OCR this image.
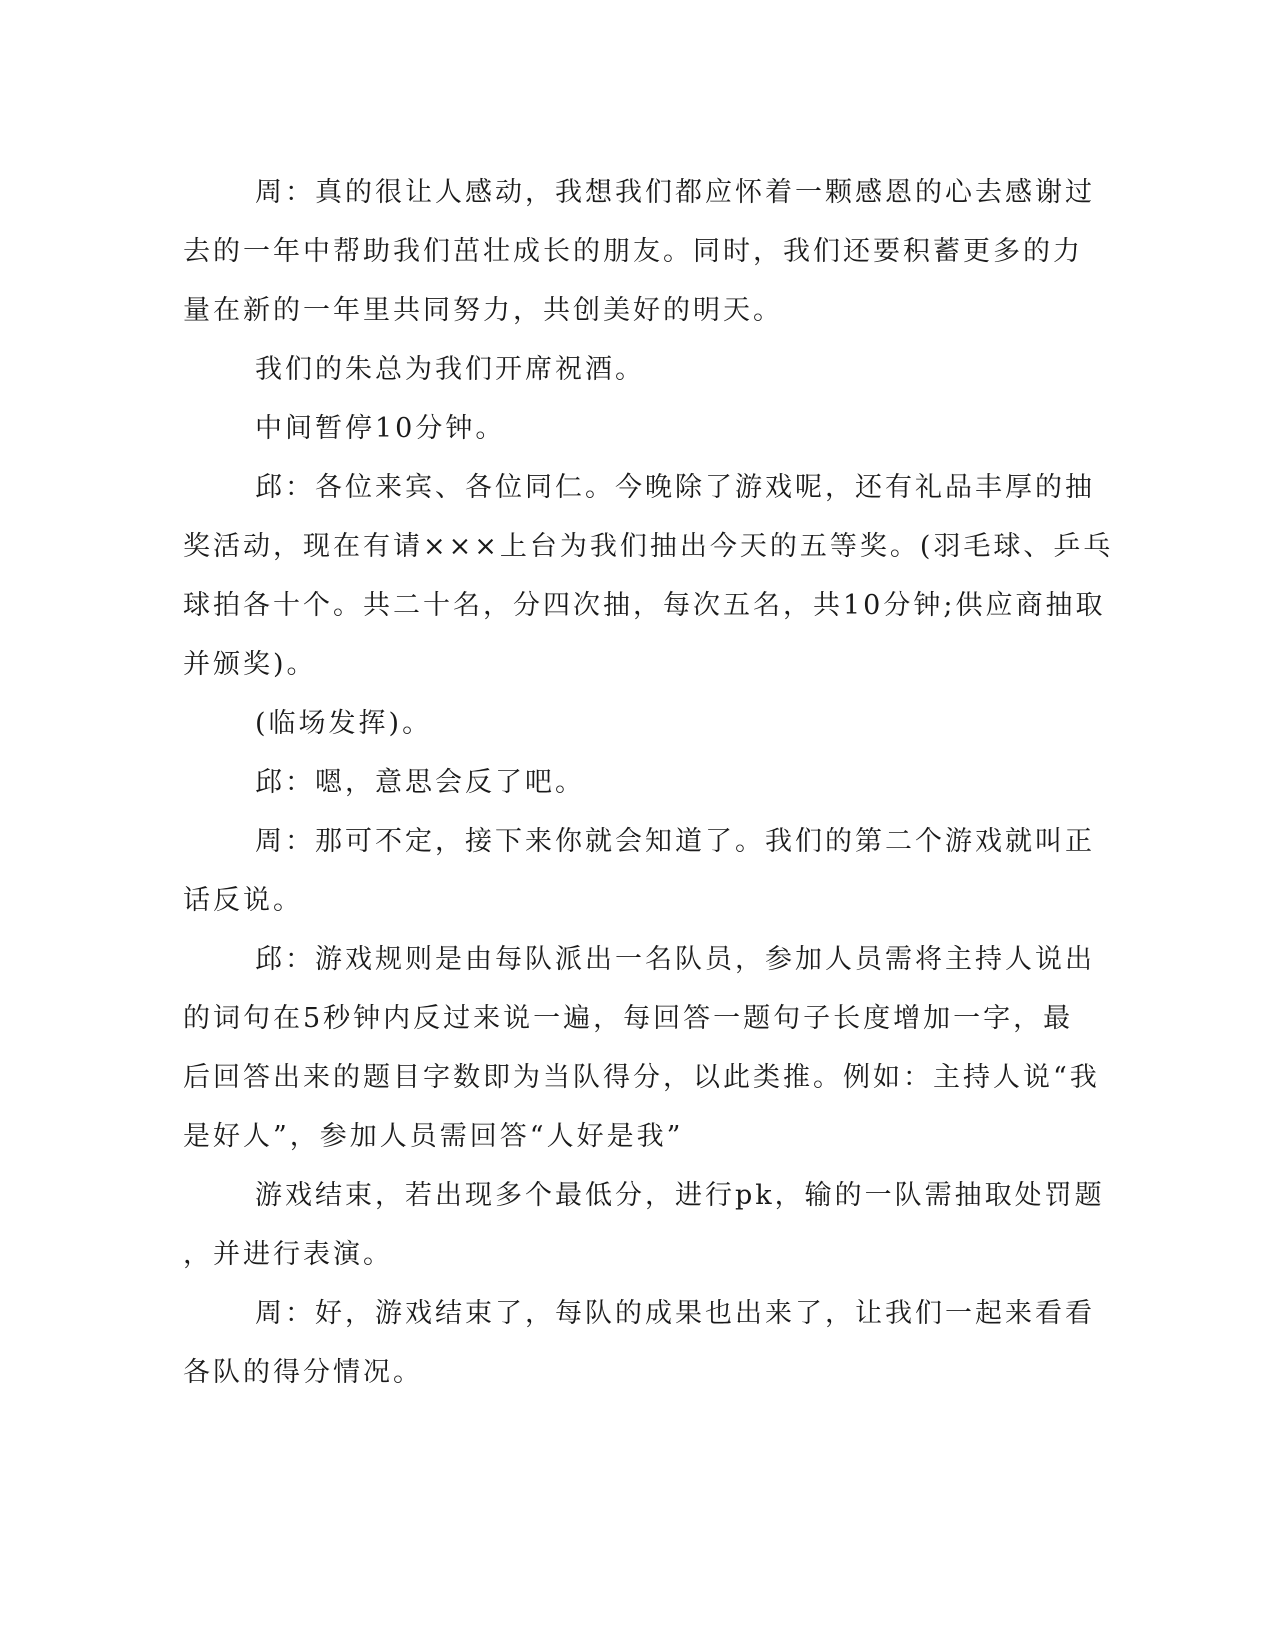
周：真的很让人感动，我想我们都应怀着一颗感恩的心去感谢过
去的一年中帮助我们茁壮成长的朋友。同时，我们还要积蓄更多的力
量在新的一年里共同努力，共创美好的明天。
我们的朱总为我们开席祝酒。
中间暂停10分钟。
邱：各位来宾、各位同仁。今晚除了游戏呢，还有礼品丰厚的抽
奖活动，现在有请×××上台为我们抽出今天的五等奖。(羽毛球、乒乓
球拍各十个。共二十名，分四次抽，每次五名，共10分钟;供应商抽取
并颁奖)。
(临场发挥)。
邱：嗯，意思会反了吧。
周：那可不定，接下来你就会知道了。我们的第二个游戏就叫正
话反说。
邱：游戏规则是由每队派出一名队员，参加人员需将主持人说出
的词句在5秒钟内反过来说一遍，每回答一题句子长度增加一字，最
后回答出来的题目字数即为当队得分，以此类推。例如：主持人说“我
是好人”，参加人员需回答“人好是我”
游戏结束，若出现多个最低分，进行pk，输的一队需抽取处罚题
，并进行表演。
周：好，游戏结束了，每队的成果也出来了，让我们一起来看看
各队的得分情况。
